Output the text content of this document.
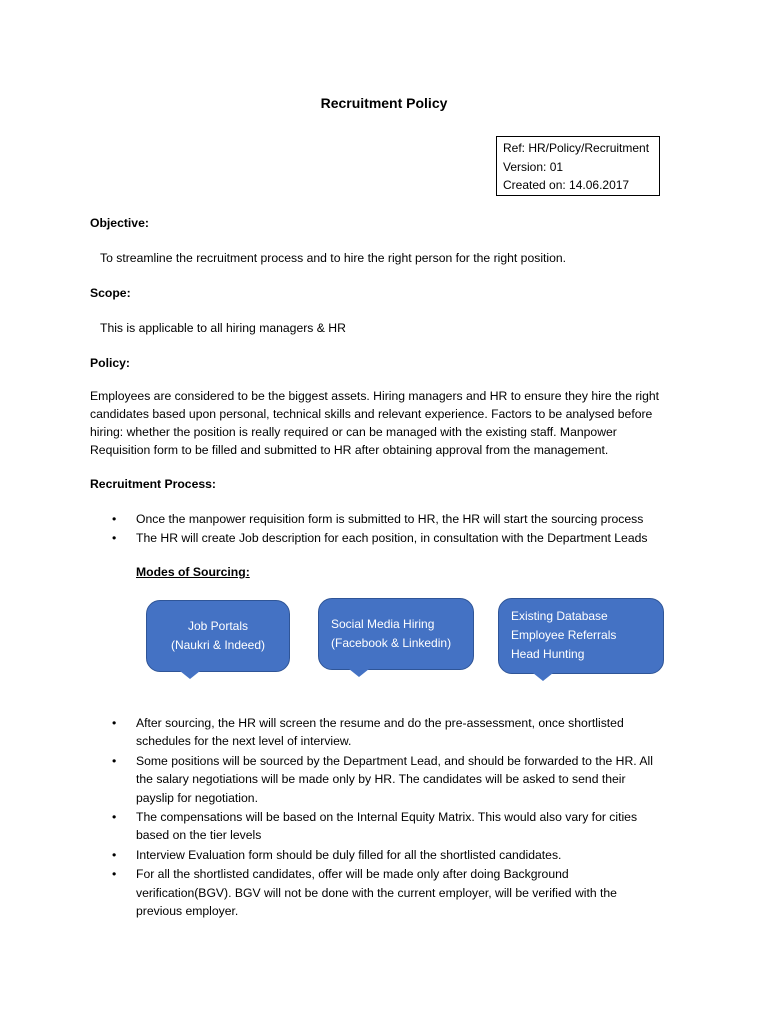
Recruitment Policy
Ref: HR/Policy/Recruitment
Version: 01
Created on: 14.06.2017
Objective:
To streamline the recruitment process and to hire the right person for the right position.
Scope:
This is applicable to all hiring managers & HR
Policy:
Employees are considered to be the biggest assets. Hiring managers and HR to ensure they hire the right
candidates based upon personal, technical skills and relevant experience. Factors to be analysed before
hiring: whether the position is really required or can be managed with the existing staff. Manpower
Requisition form to be filled and submitted to HR after obtaining approval from the management.
Recruitment Process:
• Once the manpower requisition form is submitted to HR, the HR will start the sourcing process
• The HR will create Job description for each position, in consultation with the Department Leads
Modes of Sourcing:
Job Portals
(Naukri & Indeed)
Social Media Hiring
(Facebook & Linkedin)
Existing Database
Employee Referrals
Head Hunting
• After sourcing, the HR will screen the resume and do the pre-assessment, once shortlisted
schedules for the next level of interview.
• Some positions will be sourced by the Department Lead, and should be forwarded to the HR. All
the salary negotiations will be made only by HR. The candidates will be asked to send their
payslip for negotiation.
• The compensations will be based on the Internal Equity Matrix. This would also vary for cities
based on the tier levels
• Interview Evaluation form should be duly filled for all the shortlisted candidates.
• For all the shortlisted candidates, offer will be made only after doing Background
verification(BGV). BGV will not be done with the current employer, will be verified with the
previous employer.
